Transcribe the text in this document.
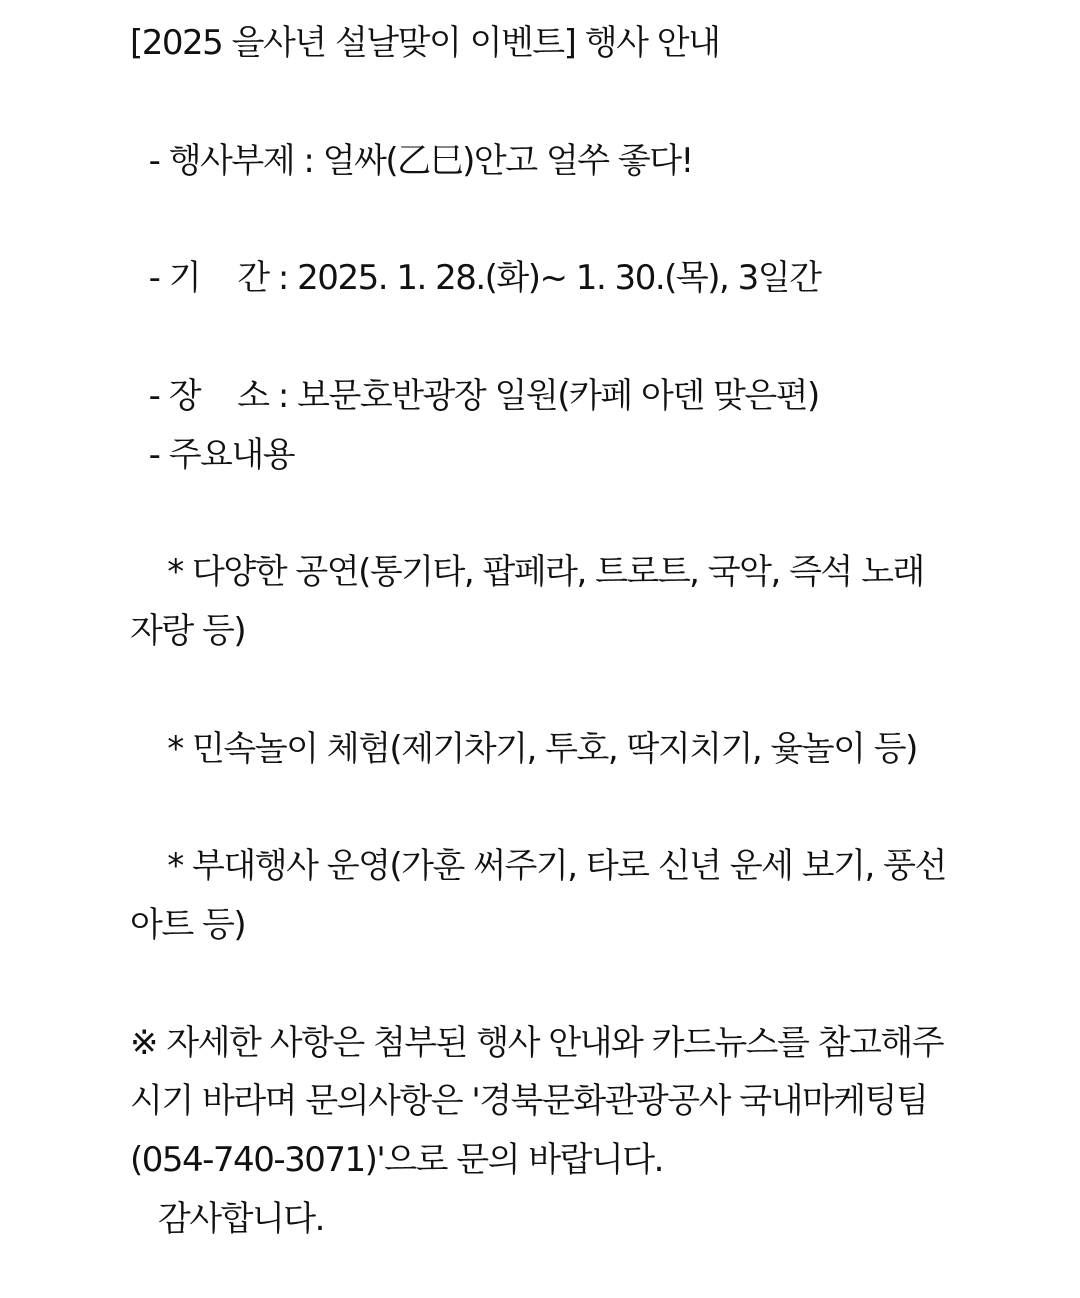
[2025 을사년 설날맞이 이벤트] 행사 안내
- 행사부제 : 얼싸(乙巳)안고 얼쑤 좋다!
- 기    간 : 2025. 1. 28.(화)~ 1. 30.(목), 3일간
- 장    소 : 보문호반광장 일원(카페 아덴 맞은편)
- 주요내용
* 다양한 공연(통기타, 팝페라, 트로트, 국악, 즉석 노래자랑 등)
* 민속놀이 체험(제기차기, 투호, 딱지치기, 윷놀이 등)
* 부대행사 운영(가훈 써주기, 타로 신년 운세 보기, 풍선 아트 등)
※ 자세한 사항은 첨부된 행사 안내와 카드뉴스를 참고해주시기 바라며 문의사항은 '경북문화관광공사 국내마케팅팀(054-740-3071)'으로 문의 바랍니다.
감사합니다.
